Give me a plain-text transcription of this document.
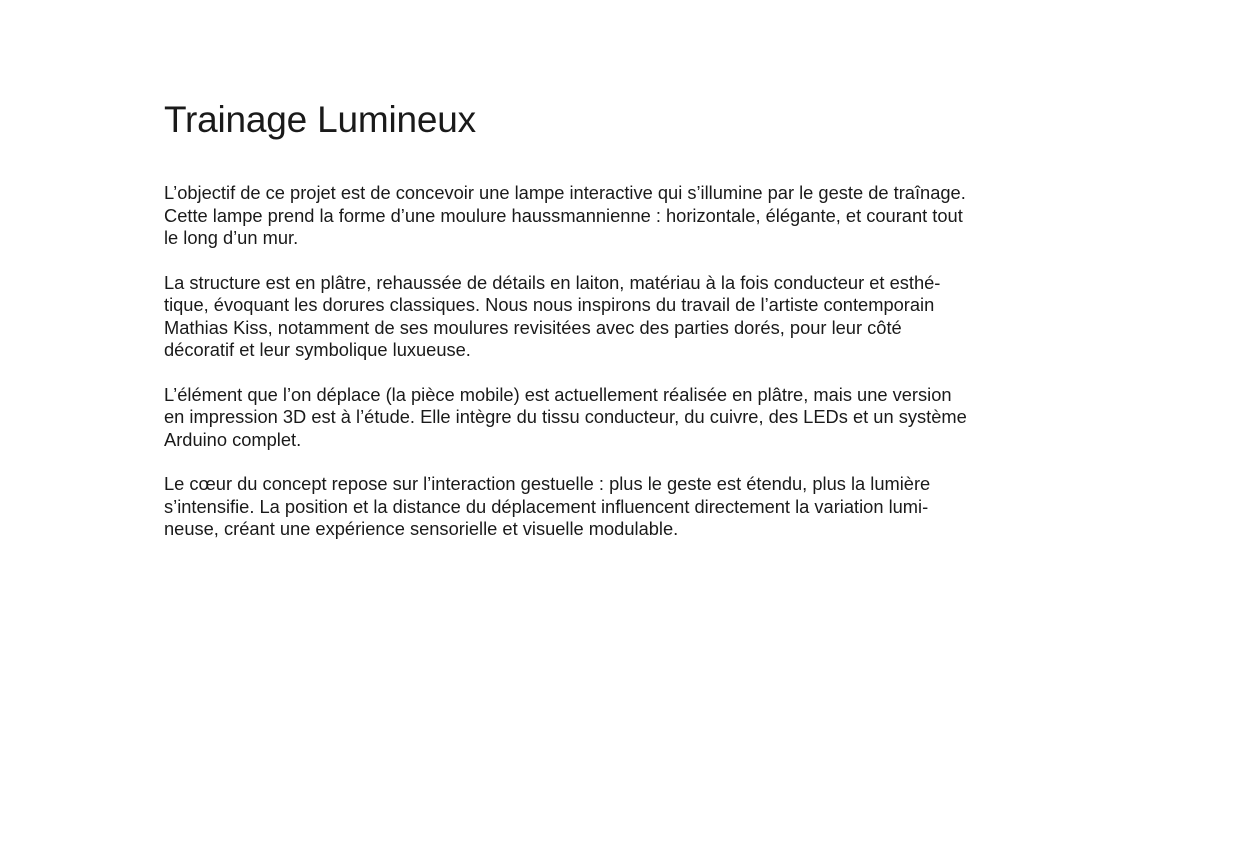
Trainage Lumineux

L’objectif de ce projet est de concevoir une lampe interactive qui s’illumine par le geste de traînage.
Cette lampe prend la forme d’une moulure haussmannienne : horizontale, élégante, et courant tout
le long d’un mur.

La structure est en plâtre, rehaussée de détails en laiton, matériau à la fois conducteur et esthé-
tique, évoquant les dorures classiques. Nous nous inspirons du travail de l’artiste contemporain
Mathias Kiss, notamment de ses moulures revisitées avec des parties dorés, pour leur côté
décoratif et leur symbolique luxueuse.

L’élément que l’on déplace (la pièce mobile) est actuellement réalisée en plâtre, mais une version
en impression 3D est à l’étude. Elle intègre du tissu conducteur, du cuivre, des LEDs et un système
Arduino complet.

Le cœur du concept repose sur l’interaction gestuelle : plus le geste est étendu, plus la lumière
s’intensifie. La position et la distance du déplacement influencent directement la variation lumi-
neuse, créant une expérience sensorielle et visuelle modulable.
